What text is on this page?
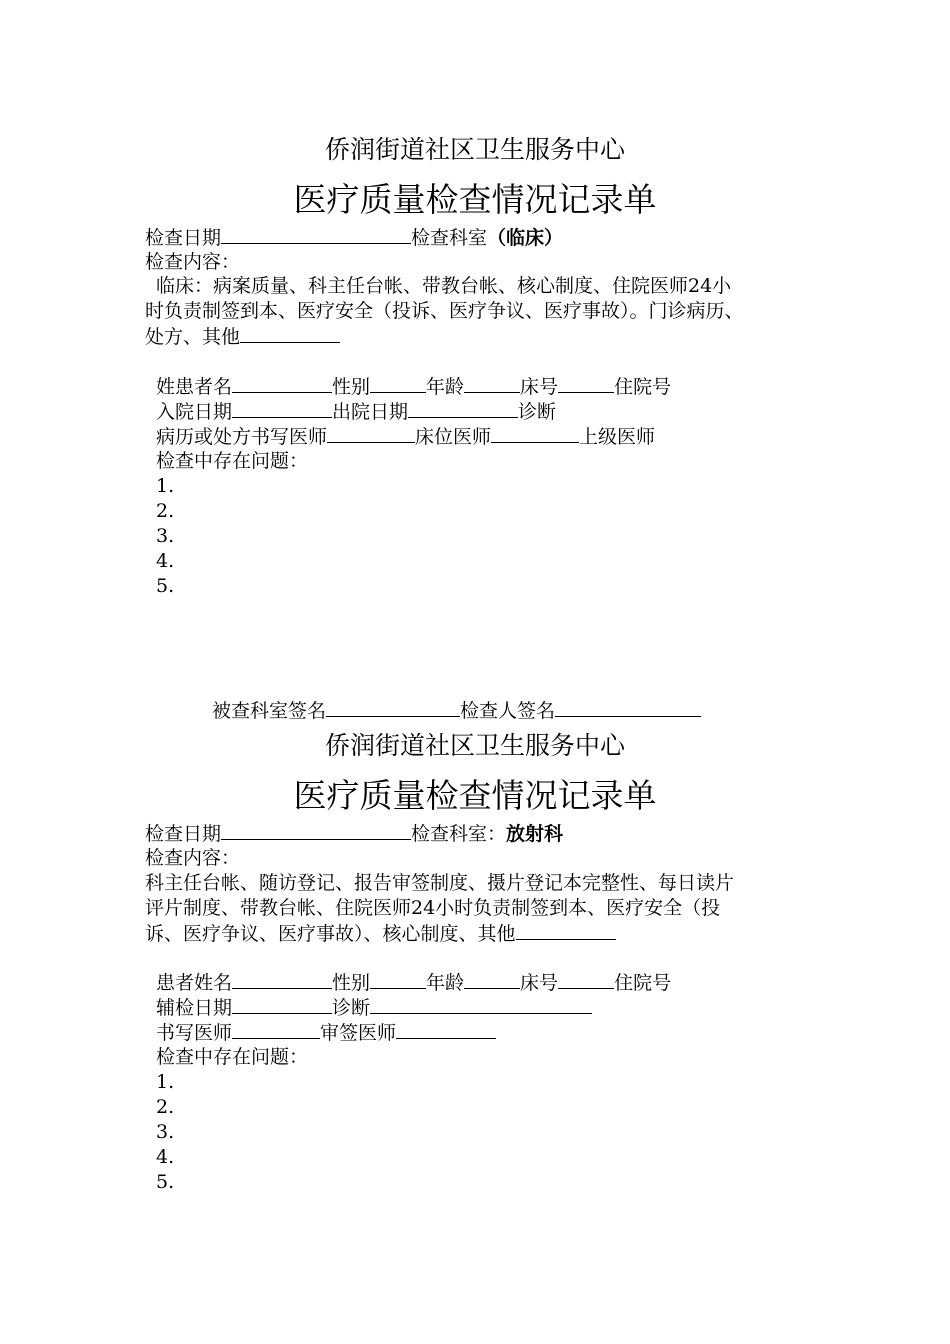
侨润街道社区卫生服务中心
医疗质量检查情况记录单
检查日期	检查科室（临床）
检查内容：
临床：病案质量、科主任台帐、带教台帐、核心制度、住院医师24小
时负责制签到本、医疗安全（投诉、医疗争议、医疗事故）。门诊病历、
处方、其他
姓患者名	性别	年龄	床号	住院号
入院日期	出院日期	诊断
病历或处方书写医师	床位医师	上级医师
检查中存在问题：
1.
2.
3.
4.
5.
被查科室签名	检查人签名
侨润街道社区卫生服务中心
医疗质量检查情况记录单
检查日期	检查科室：放射科
检查内容：
科主任台帐、随访登记、报告审签制度、摄片登记本完整性、每日读片
评片制度、带教台帐、住院医师24小时负责制签到本、医疗安全（投
诉、医疗争议、医疗事故）、核心制度、其他
患者姓名	性别	年龄	床号	住院号
辅检日期	诊断
书写医师	审签医师
检查中存在问题：
1.
2.
3.
4.
5.
